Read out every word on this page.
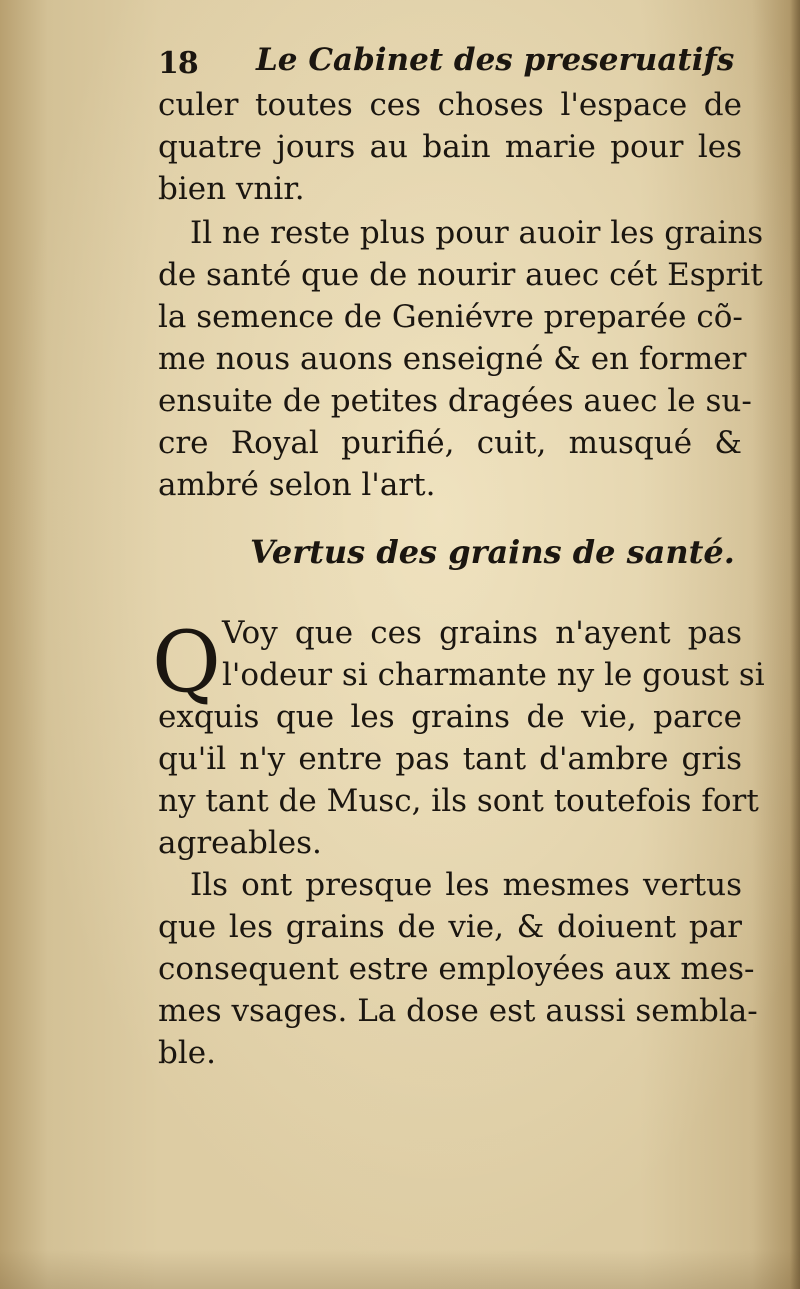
18 Le Cabinet des preseruatifs
culer toutes ces choses l'espace de
quatre jours au bain marie pour les
bien vnir.
Il ne reste plus pour auoir les grains
de santé que de nourir auec cét Esprit
la semence de Geniévre preparée cõ-
me nous auons enseigné & en former
ensuite de petites dragées auec le su-
cre Royal purifié, cuit, musqué &
ambré selon l'art.
Vertus des grains de santé.
Q Voy que ces grains n'ayent pas
l'odeur si charmante ny le goust si
exquis que les grains de vie, parce
qu'il n'y entre pas tant d'ambre gris
ny tant de Musc, ils sont toutefois fort
agreables.
Ils ont presque les mesmes vertus
que les grains de vie, & doiuent par
consequent estre employées aux mes-
mes vsages. La dose est aussi sembla-
ble.
